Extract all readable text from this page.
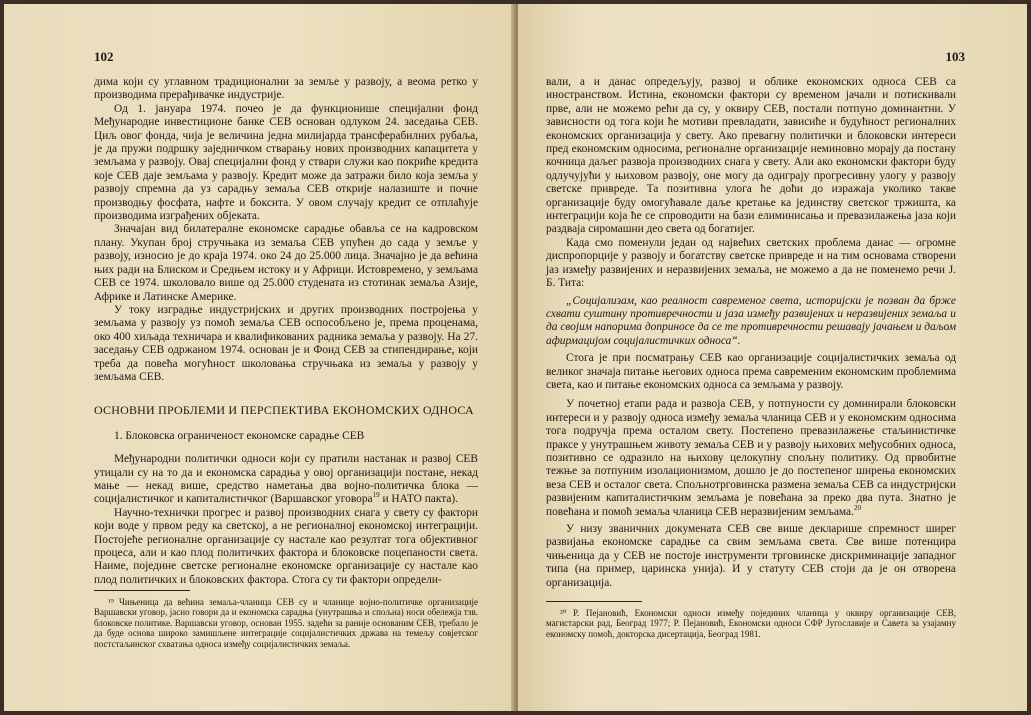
102

дима који су углавном традиционални за земље у развоју, а веома ретко у производима прерађивачке индустрије.

Од 1. јануара 1974. почео је да функционише специјални фонд Међународне инвестиционе банке СЕВ основан одлуком 24. заседања СЕВ. Циљ овог фонда, чија је величина једна милијарда трансферабилних рубаља, је да пружи подршку заједничком стварању нових производних капацитета у земљама у развоју. Овај специјални фонд у ствари служи као покриће кредита које СЕВ даје земљама у развоју. Кредит може да затражи било која земља у развоју спремна да уз сарадњу земаља СЕВ открије налазиште и почне производњу фосфата, нафте и боксита. У овом случају кредит се отплаћује производима изграђених објеката.

Значајан вид билатералне економске сарадње обавља се на кадровском плану. Укупан број стручњака из земаља СЕВ упућен до сада у земље у развоју, износио је до краја 1974. око 24 до 25.000 лица. Значајно је да већина њих ради на Блиском и Средњем истоку и у Африци. Истовремено, у земљама СЕВ се 1974. школовало више од 25.000 студената из стотинак земаља Азије, Африке и Латинске Америке.

У току изградње индустријских и других производних постројења у земљама у развоју уз помоћ земаља СЕВ оспособљено је, према проценама, око 400 хиљада техничара и квалификованих радника земаља у развоју. На 27. заседању СЕВ одржаном 1974. основан је и Фонд СЕВ за стипендирање, који треба да повећа могућност школовања стручњака из земаља у развоју у земљама СЕВ.

ОСНОВНИ ПРОБЛЕМИ И ПЕРСПЕКТИВА ЕКОНОМСКИХ ОДНОСА

1. Блоковска ограниченост економске сарадње СЕВ

Међународни политички односи који су пратили настанак и развој СЕВ утицали су на то да и економска сарадња у овој организацији постане, некад мање — некад више, средство наметања два војно-политичка блока — социјалистичког и капиталистичког (Варшавског уговора$^{19}$ и НАТО пакта).

Научно-технички прогрес и развој производних снага у свету су фактори који воде у првом реду ка светској, а не регионалној економској интеграцији. Постојеће регионалне организације су настале као резултат тога објективног процеса, али и као плод политичких фактора и блоковске поцепаности света. Наиме, поједине светске регионалне економске организације су настале као плод политичких и блоковских фактора. Стога су ти фактори определи-

¹⁹ Чињеница да већина земаља-чланица СЕВ су и чланице војно-политичке организације Варшавски уговор, јасно говори да и економска сарадња (унутрашња и спољна) носи обележја тзв. блоковске политике. Варшавски уговор, основан 1955. задећи за раније основаним СЕВ, требало је да буде основа широко замишљене интеграције социјалистичких држава на темељу совјетског постстаљинског схватања односа између социјалистичких земаља.

103

вали, а и данас опредељују, развој и облике економских односа СЕВ са иностранством. Истина, економски фактори су временом јачали и потискивали прве, али не можемо рећи да су, у оквиру СЕВ, постали потпуно доминантни. У зависности од тога који ће мотиви превладати, зависиће и будућност регионалних економских организација у свету. Ако превагну политички и блоковски интереси пред економским односима, регионалне организације неминовно морају да постану кочница даљег развоја производних снага у свету. Али ако економски фактори буду одлучујући у њиховом развоју, оне могу да одиграју прогресивну улогу у развоју светске привреде. Та позитивна улога ће доћи до изражаја уколико такве организације буду омогућавале даље кретање ка јединству светског тржишта, ка интеграцији која ће се спроводити на бази елиминисања и превазилажења јаза који раздваја сиромашни део света од богатијег.

Када смо поменули један од највећих светских проблема данас — огромне диспропорције у развоју и богатству светске привреде и на тим основама створени јаз између развијених и неразвијених земаља, не можемо а да не поменемо речи Ј. Б. Тита:

„Социјализам, као реалност савременог света, историјски је позван да брже схвати суштину противречности и јаза између развијених и неразвијених земаља и да својим напорима доприносе да се те противречности решавају јачањем и даљом афирмацијом социјалистичких односа“.

Стога је при посматрању СЕВ као организације социјалистичких земаља од великог значаја питање његових односа према савременим економским проблемима света, као и питање економских односа са земљама у развоју.

У почетној етапи рада и развоја СЕВ, у потпуности су доминирали блоковски интереси и у развоју односа између земаља чланица СЕВ и у економским односима тога подручја према осталом свету. Постепено превазилажење стаљинистичке праксе у унутрашњем животу земаља СЕВ и у развоју њихових међусобних односа, позитивно се одразило на њихову целокупну спољну политику. Од првобитне тежње за потпуним изолационизмом, дошло је до постепеног ширења економских веза СЕВ и осталог света. Спољнотрговинска размена земаља СЕВ са индустријски развијеним капиталистичким земљама је повећана за преко два пута. Знатно је повећана и помоћ земаља чланица СЕВ неразвијеним земљама.$^{20}$

У низу званичних докумената СЕВ све више декларише спремност ширег развијања економске сарадње са свим земљама света. Све више потенцира чињеница да у СЕВ не постоје инструменти трговинске дискриминације западног типа (на пример, царинска унија). И у статуту СЕВ стоји да је он отворена организација.

²⁰ Р. Пејановић, Економски односи између појединих чланица у оквиру организације СЕВ, магистарски рад, Београд 1977; Р. Пејановић, Економски односи СФР Југославије и Савета за узајамну економску помоћ, докторска дисертација, Београд 1981.
